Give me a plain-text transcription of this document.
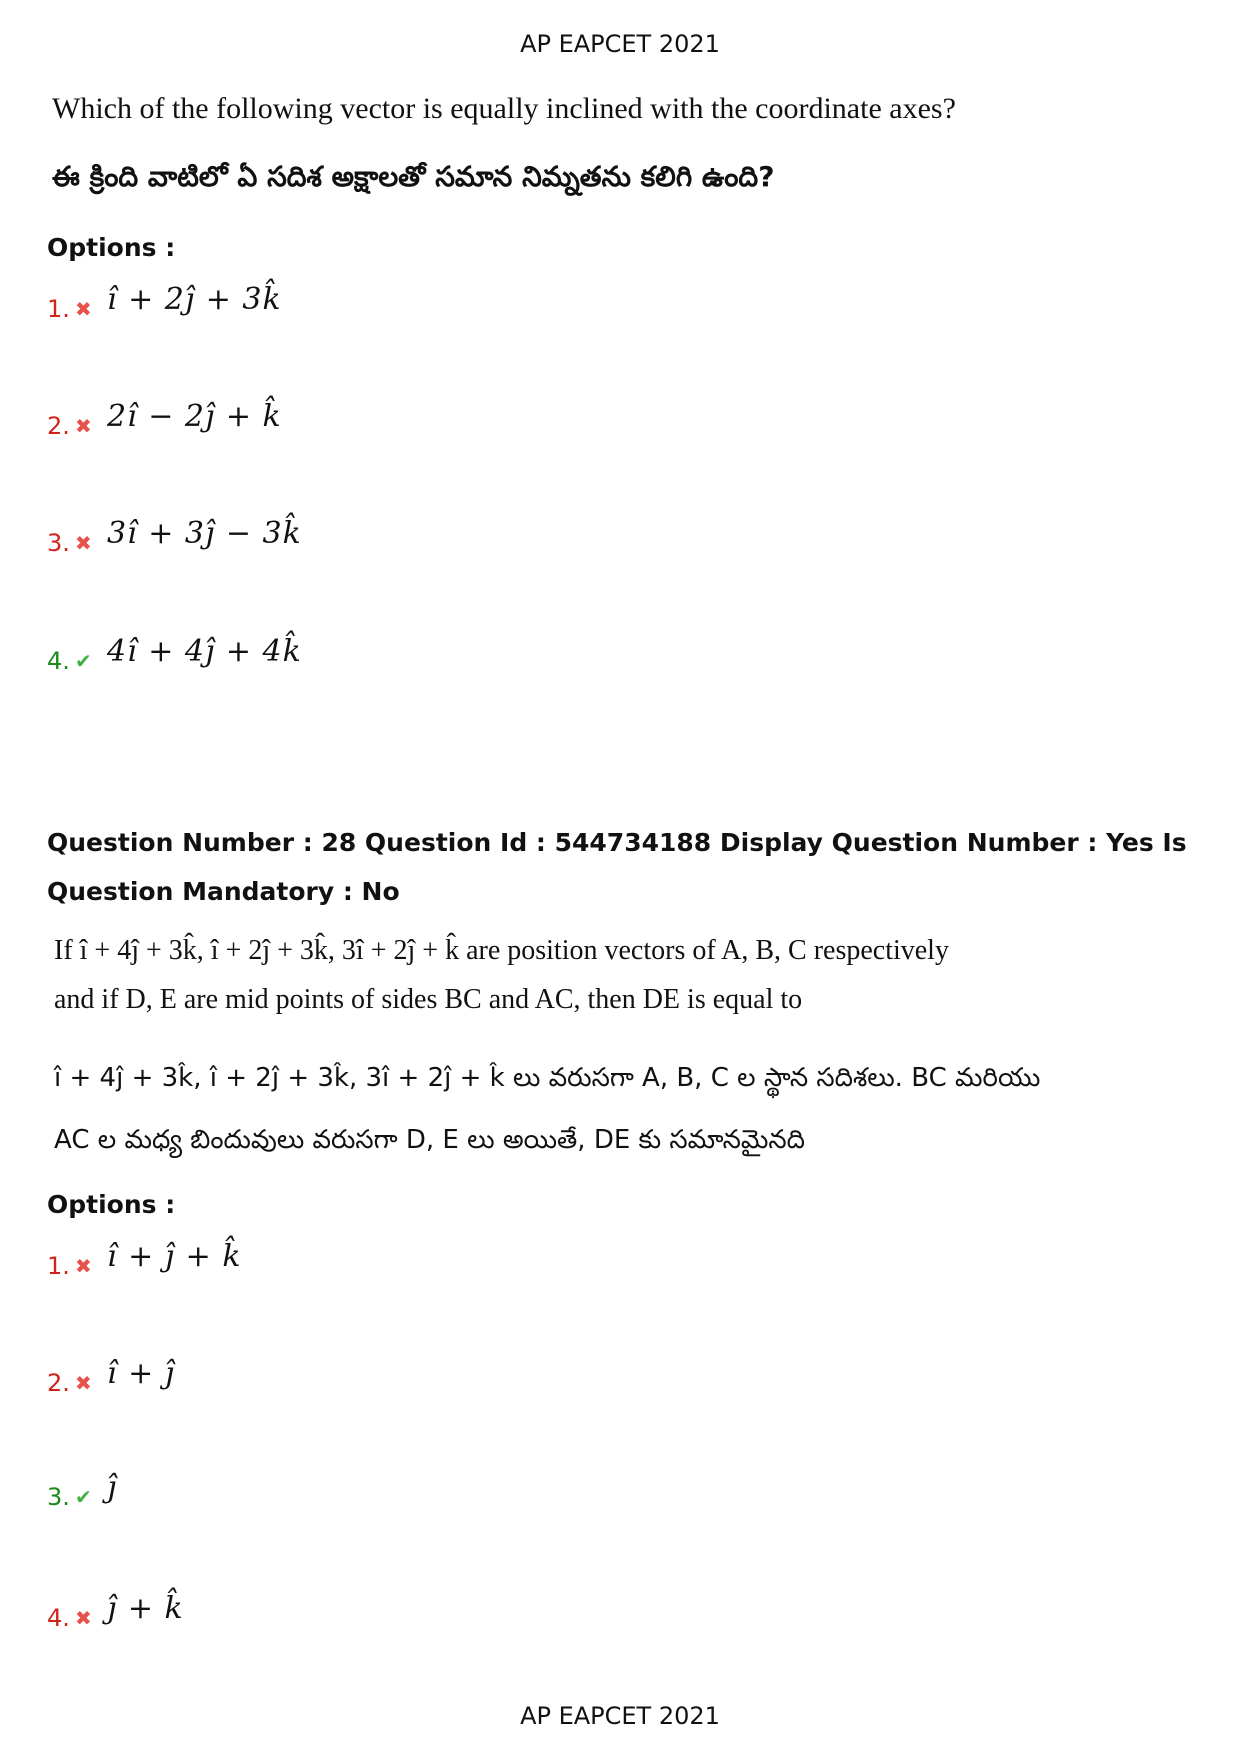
AP EAPCET 2021
Which of the following vector is equally inclined with the coordinate axes?
ఈ క్రింది వాటిలో ఏ సదిశ అక్షాలతో సమాన నిమ్నతను కలిగి ఉంది?
Options :
1. ✖ î + 2ĵ + 3k̂
2. ✖ 2î − 2ĵ + k̂
3. ✖ 3î + 3ĵ − 3k̂
4. ✔ 4î + 4ĵ + 4k̂
Question Number : 28 Question Id : 544734188 Display Question Number : Yes Is Question Mandatory : No
If î + 4ĵ + 3k̂, î + 2ĵ + 3k̂, 3î + 2ĵ + k̂ are position vectors of A, B, C respectively
and if D, E are mid points of sides BC and AC, then DE is equal to
î + 4ĵ + 3k̂, î + 2ĵ + 3k̂, 3î + 2ĵ + k̂ లు వరుసగా A, B, C ల స్థాన సదిశలు. BC మరియు
AC ల మధ్య బిందువులు వరుసగా D, E లు అయితే, DE కు సమానమైనది
Options :
1. ✖ î + ĵ + k̂
2. ✖ î + ĵ
3. ✔ ĵ
4. ✖ ĵ + k̂
AP EAPCET 2021
